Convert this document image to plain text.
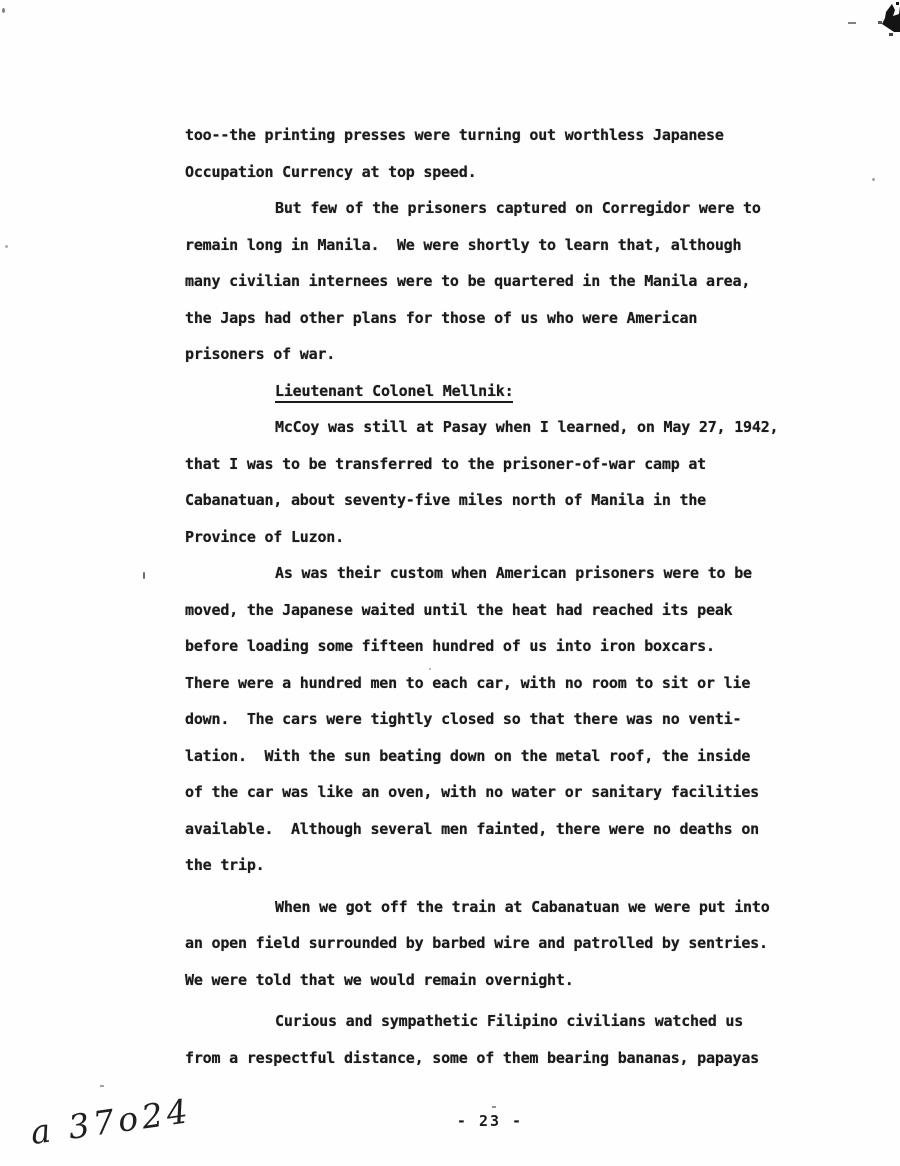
too--the printing presses were turning out worthless Japanese
Occupation Currency at top speed.
But few of the prisoners captured on Corregidor were to
remain long in Manila.  We were shortly to learn that, although
many civilian internees were to be quartered in the Manila area,
the Japs had other plans for those of us who were American
prisoners of war.
Lieutenant Colonel Mellnik:
McCoy was still at Pasay when I learned, on May 27, 1942,
that I was to be transferred to the prisoner-of-war camp at
Cabanatuan, about seventy-five miles north of Manila in the
Province of Luzon.
As was their custom when American prisoners were to be
moved, the Japanese waited until the heat had reached its peak
before loading some fifteen hundred of us into iron boxcars.
There were a hundred men to each car, with no room to sit or lie
down.  The cars were tightly closed so that there was no venti-
lation.  With the sun beating down on the metal roof, the inside
of the car was like an oven, with no water or sanitary facilities
available.  Although several men fainted, there were no deaths on
the trip.
When we got off the train at Cabanatuan we were put into
an open field surrounded by barbed wire and patrolled by sentries.
We were told that we would remain overnight.
Curious and sympathetic Filipino civilians watched us
from a respectful distance, some of them bearing bananas, papayas
- 23 -
a 37o24
